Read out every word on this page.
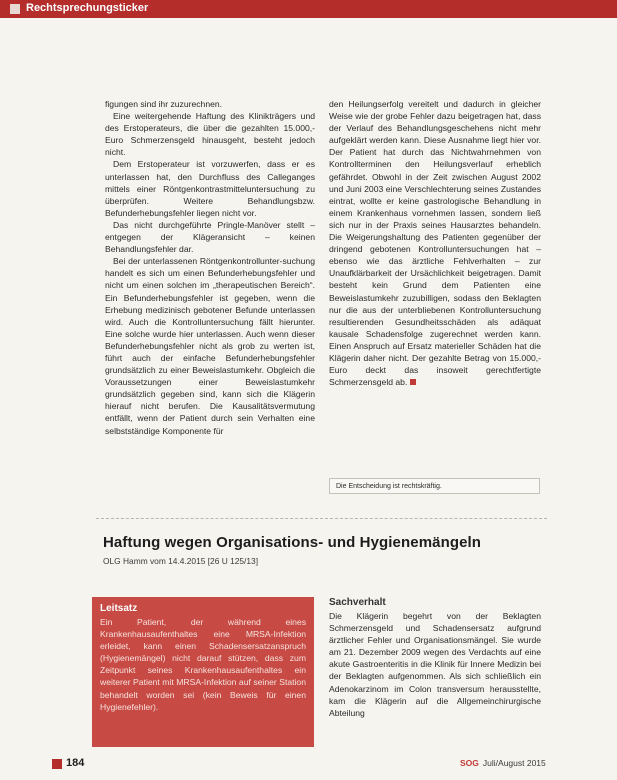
Rechtsprechungsticker

figungen sind ihr zuzurechnen.

Eine weitergehende Haftung des Klinikträgers und des Erstoperateurs, die über die gezahlten 15.000,- Euro Schmerzensgeld hinausgeht, besteht jedoch nicht.

Dem Erstoperateur ist vorzuwerfen, dass er es unterlassen hat, den Durchfluss des Calleganges mittels einer Röntgenkontrastmitteluntersuchung zu überprüfen. Weitere Behandlungsbzw. Befunderhebungsfehler liegen nicht vor.

Das nicht durchgeführte Pringle-Manöver stellt – entgegen der Klägeransicht – keinen Behandlungsfehler dar.

Bei der unterlassenen Röntgenkontrollunter-suchung handelt es sich um einen Befunderhebungsfehler und nicht um einen solchen im „therapeutischen Bereich“. Ein Befunderhebungsfehler ist gegeben, wenn die Erhebung medizinisch gebotener Befunde unterlassen wird. Auch die Kontrolluntersuchung fällt hierunter. Eine solche wurde hier unterlassen. Auch wenn dieser Befunderhebungsfehler nicht als grob zu werten ist, führt auch der einfache Befunderhebungsfehler grundsätzlich zu einer Beweislastumkehr. Obgleich die Voraussetzungen einer Beweislastumkehr grundsätzlich gegeben sind, kann sich die Klägerin hierauf nicht berufen. Die Kausalitätsvermutung entfällt, wenn der Patient durch sein Verhalten eine selbstständige Komponente für

den Heilungserfolg vereitelt und dadurch in gleicher Weise wie der grobe Fehler dazu beigetragen hat, dass der Verlauf des Behandlungsgeschehens nicht mehr aufgeklärt werden kann. Diese Ausnahme liegt hier vor. Der Patient hat durch das Nichtwahrnehmen von Kontrollterminen den Heilungsverlauf erheblich gefährdet. Obwohl in der Zeit zwischen August 2002 und Juni 2003 eine Verschlechterung seines Zustandes eintrat, wollte er keine gastrologische Behandlung in einem Krankenhaus vornehmen lassen, sondern ließ sich nur in der Praxis seines Hausarztes behandeln. Die Weigerungshaltung des Patienten gegenüber der dringend gebotenen Kontrolluntersuchungen hat – ebenso wie das ärztliche Fehlverhalten – zur Unaufklärbarkeit der Ursächlichkeit beigetragen. Damit besteht kein Grund dem Patienten eine Beweislastumkehr zuzubilligen, sodass den Beklagten nur die aus der unterbliebenen Kontrolluntersuchung resultierenden Gesundheitsschäden als adäquat kausale Schadensfolge zugerechnet werden kann. Einen Anspruch auf Ersatz materieller Schäden hat die Klägerin daher nicht. Der gezahlte Betrag von 15.000,- Euro deckt das insoweit gerechtfertigte Schmerzensgeld ab.

Die Entscheidung ist rechtskräftig.
Haftung wegen Organisations- und Hygienemängeln
OLG Hamm vom 14.4.2015 [26 U 125/13]
Leitsatz
Ein Patient, der während eines Krankenhausaufenthaltes eine MRSA-Infektion erleidet, kann einen Schadensersatzanspruch (Hygienemängel) nicht darauf stützen, dass zum Zeitpunkt seines Krankenhausaufenthaltes ein weiterer Patient mit MRSA-Infektion auf seiner Station behandelt worden sei (kein Beweis für einen Hygienefehler).
Sachverhalt
Die Klägerin begehrt von der Beklagten Schmerzensgeld und Schadensersatz aufgrund ärztlicher Fehler und Organisationsmängel. Sie wurde am 21. Dezember 2009 wegen des Verdachts auf eine akute Gastroenteritis in die Klinik für Innere Medizin bei der Beklagten aufgenommen. Als sich schließlich ein Adenokarzinom im Colon transversum herausstellte, kam die Klägerin auf die Allgemeinchirurgische Abteilung
184	SOG Juli/August 2015
